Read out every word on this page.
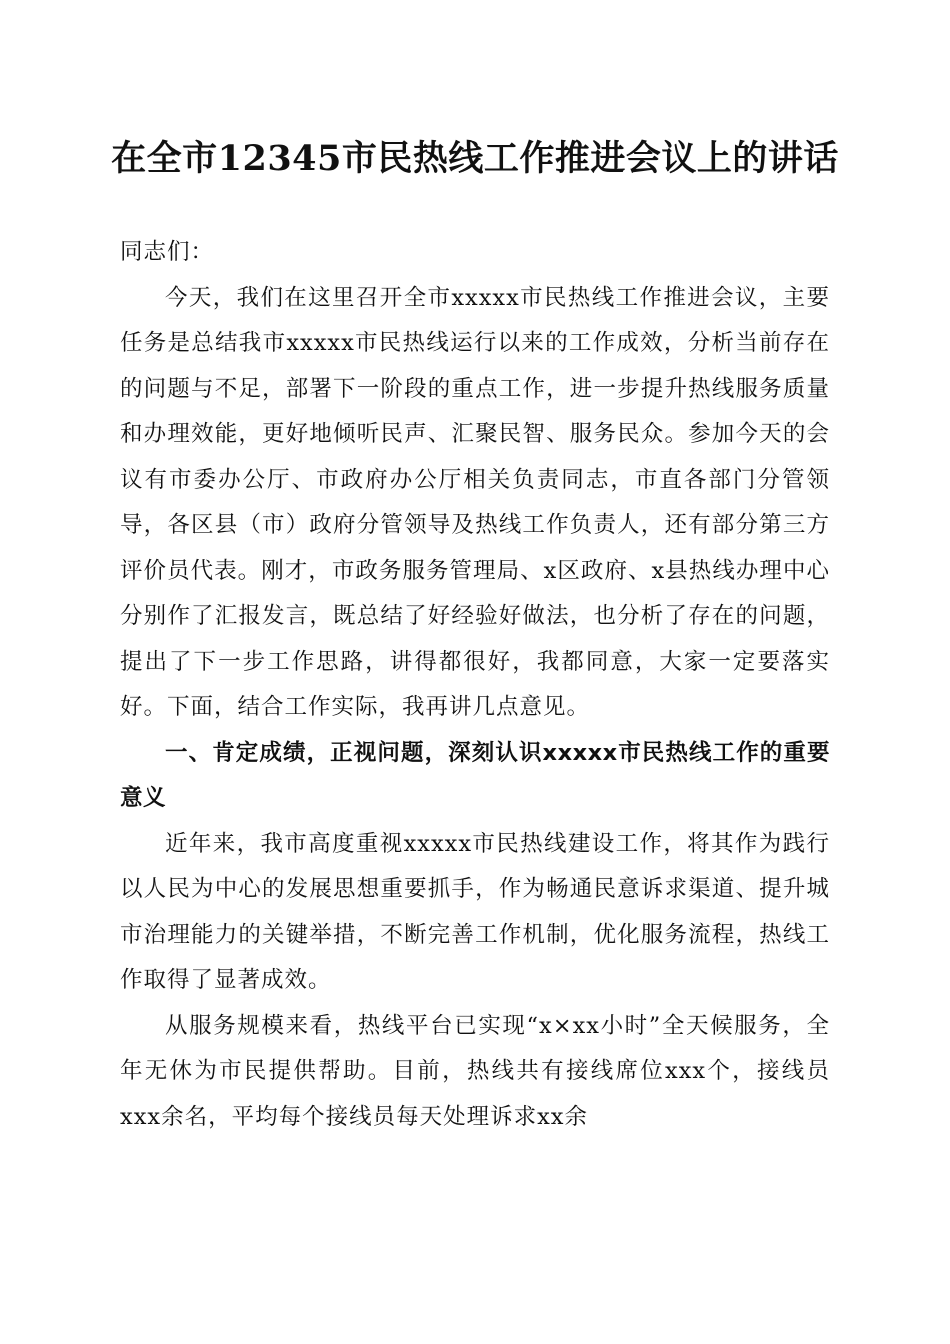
在全市12345市民热线工作推进会议上的讲话

同志们：

今天，我们在这里召开全市xxxxx市民热线工作推进会议，主要任务是总结我市xxxxx市民热线运行以来的工作成效，分析当前存在的问题与不足，部署下一阶段的重点工作，进一步提升热线服务质量和办理效能，更好地倾听民声、汇聚民智、服务民众。参加今天的会议有市委办公厅、市政府办公厅相关负责同志，市直各部门分管领导，各区县（市）政府分管领导及热线工作负责人，还有部分第三方评价员代表。刚才，市政务服务管理局、x区政府、x县热线办理中心分别作了汇报发言，既总结了好经验好做法，也分析了存在的问题，提出了下一步工作思路，讲得都很好，我都同意，大家一定要落实好。下面，结合工作实际，我再讲几点意见。

一、肯定成绩，正视问题，深刻认识xxxxx市民热线工作的重要意义

近年来，我市高度重视xxxxx市民热线建设工作，将其作为践行以人民为中心的发展思想重要抓手，作为畅通民意诉求渠道、提升城市治理能力的关键举措，不断完善工作机制，优化服务流程，热线工作取得了显著成效。

从服务规模来看，热线平台已实现“x×xx小时”全天候服务，全年无休为市民提供帮助。目前，热线共有接线席位xxx个，接线员xxx余名，平均每个接线员每天处理诉求xx余
